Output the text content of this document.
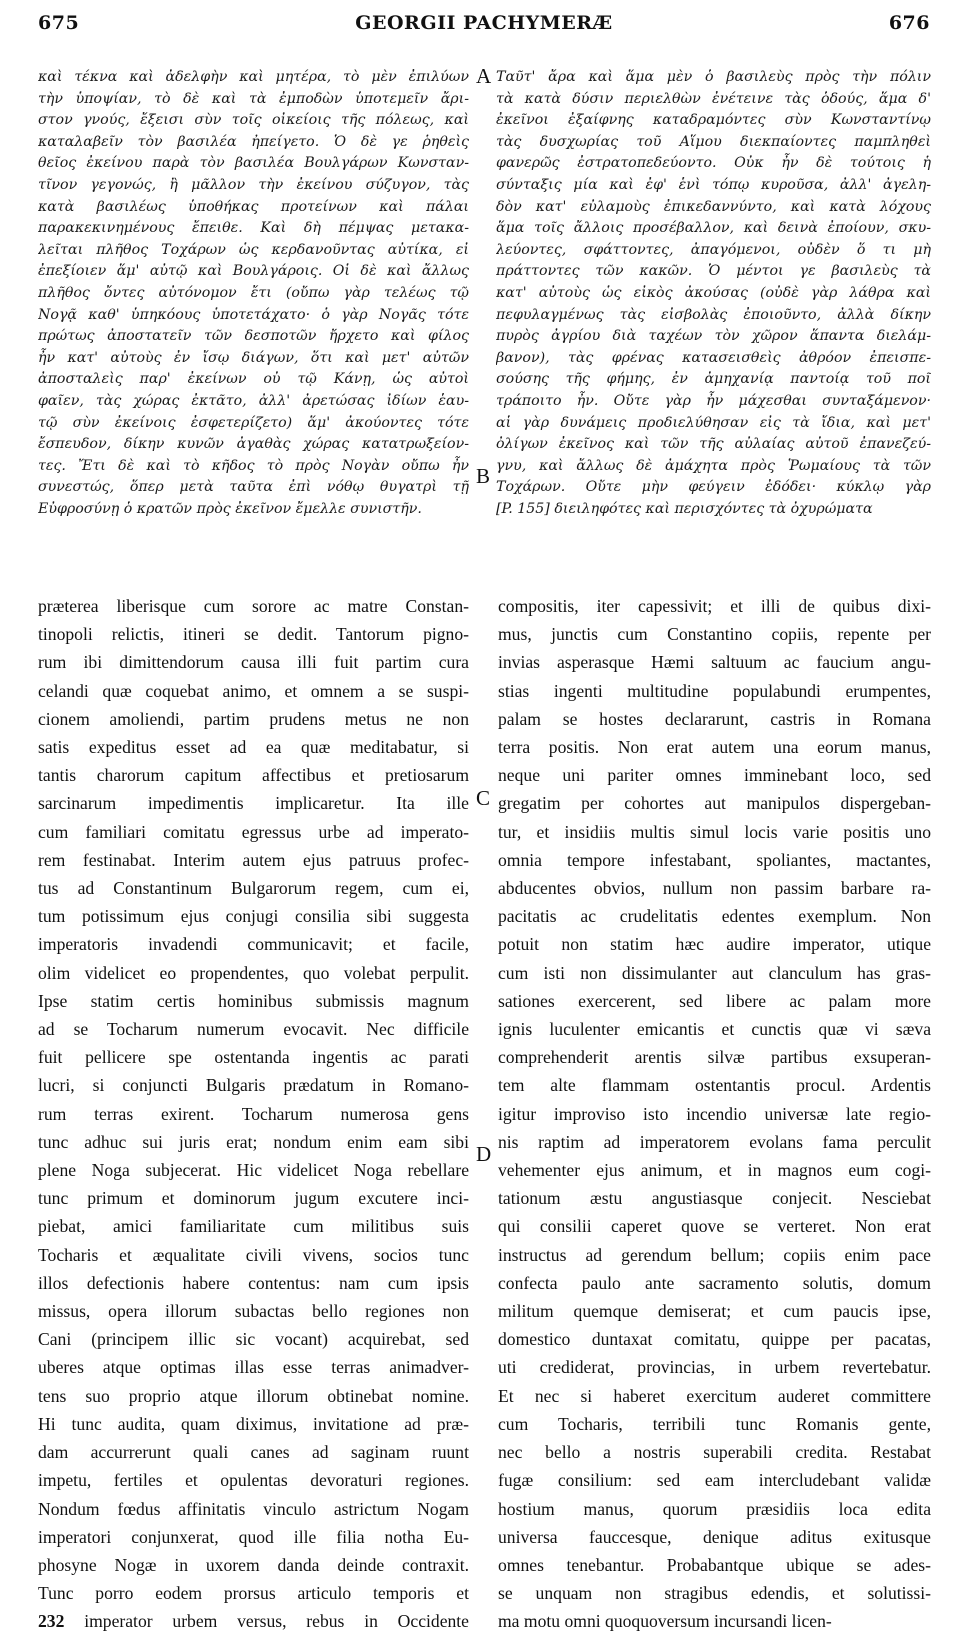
675	GEORGII PACHYMERÆ	676
καὶ τέκνα καὶ ἀδελφὴν καὶ μητέρα, τὸ μὲν ἐπιλύων
τὴν ὑποψίαν, τὸ δὲ καὶ τὰ ἐμποδὼν ὑποτεμεῖν ἄρι-
στον γνούς, ἔξεισι σὺν τοῖς οἰκείοις τῆς πόλεως, καὶ
καταλαβεῖν τὸν βασιλέα ἠπείγετο. Ὁ δὲ γε ῥηθεὶς
θεῖος ἐκείνου παρὰ τὸν βασιλέα Βουλγάρων Κωνσταν-
τῖνον γεγονώς, ἢ μᾶλλον τὴν ἐκείνου σύζυγον, τὰς
κατὰ βασιλέως ὑποθήκας προτείνων καὶ πάλαι
παρακεκινημένους ἔπειθε. Καὶ δὴ πέμψας μετακα-
λεῖται πλῆθος Τοχάρων ὡς κερδανοῦντας αὐτίκα, εἰ
ἐπεξίοιεν ἅμ' αὐτῷ καὶ Βουλγάροις. Οἱ δὲ καὶ ἄλλως
πλῆθος ὄντες αὐτόνομον ἔτι (οὔπω γὰρ τελέως τῷ
Νογᾷ καθ' ὑπηκόους ὑποτετάχατο· ὁ γὰρ Νογᾶς τότε
πρώτως ἀποστατεῖν τῶν δεσποτῶν ἤρχετο καὶ φίλος
ἦν κατ' αὐτοὺς ἐν ἴσῳ διάγων, ὅτι καὶ μετ' αὐτῶν
ἀποσταλεὶς παρ' ἐκείνων οὐ τῷ Κάνῃ, ὡς αὐτοὶ
φαῖεν, τὰς χώρας ἐκτᾶτο, ἀλλ' ἀρετώσας ἰδίων ἑαυ-
τῷ σὺν ἐκείνοις ἐσφετερίζετο) ἅμ' ἀκούοντες τότε
ἔσπευδον, δίκην κυνῶν ἀγαθὰς χώρας κατατρωξείον-
τες. Ἔτι δὲ καὶ τὸ κῆδος τὸ πρὸς Νογὰν οὔπω ἦν
συνεστώς, ὅπερ μετὰ ταῦτα ἐπὶ νόθῳ θυγατρὶ τῇ
Εὐφροσύνῃ ὁ κρατῶν πρὸς ἐκεῖνον ἔμελλε συνιστῆν.
Ταῦτ' ἄρα καὶ ἅμα μὲν ὁ βασιλεὺς πρὸς τὴν πόλιν
τὰ κατὰ δύσιν περιελθὼν ἐνέτεινε τὰς ὁδούς, ἅμα δ'
ἐκεῖνοι ἐξαίφνης καταδραμόντες σὺν Κωνσταντίνῳ
τὰς δυσχωρίας τοῦ Αἵμου διεκπαίοντες παμπληθεὶ
φανερῶς ἐστρατοπεδεύοντο. Οὐκ ἦν δὲ τούτοις ἡ
σύνταξις μία καὶ ἐφ' ἑνὶ τόπῳ κυροῦσα, ἀλλ' ἀγελη-
δὸν κατ' εὐλαμοὺς ἐπικεδαννύντο, καὶ κατὰ λόχους
ἅμα τοῖς ἄλλοις προσέβαλλον, καὶ δεινὰ ἐποίουν, σκυ-
λεύοντες, σφάττοντες, ἀπαγόμενοι, οὐδὲν ὅ τι μὴ
πράττοντες τῶν κακῶν. Ὁ μέντοι γε βασιλεὺς τὰ
κατ' αὐτοὺς ὡς εἰκὸς ἀκούσας (οὐδὲ γὰρ λάθρα καὶ
πεφυλαγμένως τὰς εἰσβολὰς ἐποιοῦντο, ἀλλὰ δίκην
πυρὸς ἀγρίου διὰ ταχέων τὸν χῶρον ἅπαντα διελάμ-
βανον), τὰς φρένας κατασεισθεὶς ἀθρόον ἐπεισπε-
σούσης τῆς φήμης, ἐν ἀμηχανίᾳ παντοίᾳ τοῦ ποῖ
τράποιτο ἦν. Οὔτε γὰρ ἦν μάχεσθαι συνταξάμενον·
αἱ γὰρ δυνάμεις προδιελύθησαν εἰς τὰ ἴδια, καὶ μετ'
ὀλίγων ἐκεῖνος καὶ τῶν τῆς αὐλαίας αὐτοῦ ἐπανεζεύ-
γνυ, καὶ ἄλλως δὲ ἀμάχητα πρὸς Ῥωμαίους τὰ τῶν
Τοχάρων. Οὔτε μὴν φεύγειν ἐδόδει· κύκλῳ γὰρ
[P. 155] διειληφότες καὶ περισχόντες τὰ ὀχυρώματα
A
B
præterea liberisque cum sorore ac matre Constan-
tinopoli relictis, itineri se dedit. Tantorum pigno-
rum ibi dimittendorum causa illi fuit partim cura
celandi quæ coquebat animo, et omnem a se suspi-
cionem amoliendi, partim prudens metus ne non
satis expeditus esset ad ea quæ meditabatur, si
tantis charorum capitum affectibus et pretiosarum
sarcinarum impedimentis implicaretur. Ita ille
cum familiari comitatu egressus urbe ad imperato-
rem festinabat. Interim autem ejus patruus profec-
tus ad Constantinum Bulgarorum regem, cum ei,
tum potissimum ejus conjugi consilia sibi suggesta
imperatoris invadendi communicavit; et facile,
olim videlicet eo propendentes, quo volebat perpulit.
Ipse statim certis hominibus submissis magnum
ad se Tocharum numerum evocavit. Nec difficile
fuit pellicere spe ostentanda ingentis ac parati
lucri, si conjuncti Bulgaris prædatum in Romano-
rum terras exirent. Tocharum numerosa gens
tunc adhuc sui juris erat; nondum enim eam sibi
plene Noga subjecerat. Hic videlicet Noga rebellare
tunc primum et dominorum jugum excutere inci-
piebat, amici familiaritate cum militibus suis
Tocharis et æqualitate civili vivens, socios tunc
illos defectionis habere contentus: nam cum ipsis
missus, opera illorum subactas bello regiones non
Cani (principem illic sic vocant) acquirebat, sed
uberes atque optimas illas esse terras animadver-
tens suo proprio atque illorum obtinebat nomine.
Hi tunc audita, quam diximus, invitatione ad præ-
dam accurrerunt quali canes ad saginam ruunt
impetu, fertiles et opulentas devoraturi regiones.
Nondum fœdus affinitatis vinculo astrictum Nogam
imperatori conjunxerat, quod ille filia notha Eu-
phosyne Nogæ in uxorem danda deinde contraxit.
Tunc porro eodem prorsus articulo temporis et
232 imperator urbem versus, rebus in Occidente
compositis, iter capessivit; et illi de quibus dixi-
mus, junctis cum Constantino copiis, repente per
invias asperasque Hæmi saltuum ac faucium angu-
stias ingenti multitudine populabundi erumpentes,
palam se hostes declararunt, castris in Romana
terra positis. Non erat autem una eorum manus,
neque uni pariter omnes imminebant loco, sed
gregatim per cohortes aut manipulos dispergeban-
tur, et insidiis multis simul locis varie positis uno
omnia tempore infestabant, spoliantes, mactantes,
abducentes obvios, nullum non passim barbare ra-
pacitatis ac crudelitatis edentes exemplum. Non
potuit non statim hæc audire imperator, utique
cum isti non dissimulanter aut clanculum has gras-
sationes exercerent, sed libere ac palam more
ignis luculenter emicantis et cunctis quæ vi sæva
comprehenderit arentis silvæ partibus exsuperan-
tem alte flammam ostentantis procul. Ardentis
igitur improviso isto incendio universæ late regio-
nis raptim ad imperatorem evolans fama perculit
vehementer ejus animum, et in magnos eum cogi-
tationum æstu angustiasque conjecit. Nesciebat
qui consilii caperet quove se verteret. Non erat
instructus ad gerendum bellum; copiis enim pace
confecta paulo ante sacramento solutis, domum
militum quemque demiserat; et cum paucis ipse,
domestico duntaxat comitatu, quippe per pacatas,
uti crediderat, provincias, in urbem revertebatur.
Et nec si haberet exercitum auderet committere
cum Tocharis, terribili tunc Romanis gente,
nec bello a nostris superabili credita. Restabat
fugæ consilium: sed eam intercludebant validæ
hostium manus, quorum præsidiis loca edita
universa fauccesque, denique aditus exitusque
omnes tenebantur. Probabantque ubique se ades-
se unquam non stragibus edendis, et solutissi-
ma motu omni quoquoversum incursandi licen-
C
D
